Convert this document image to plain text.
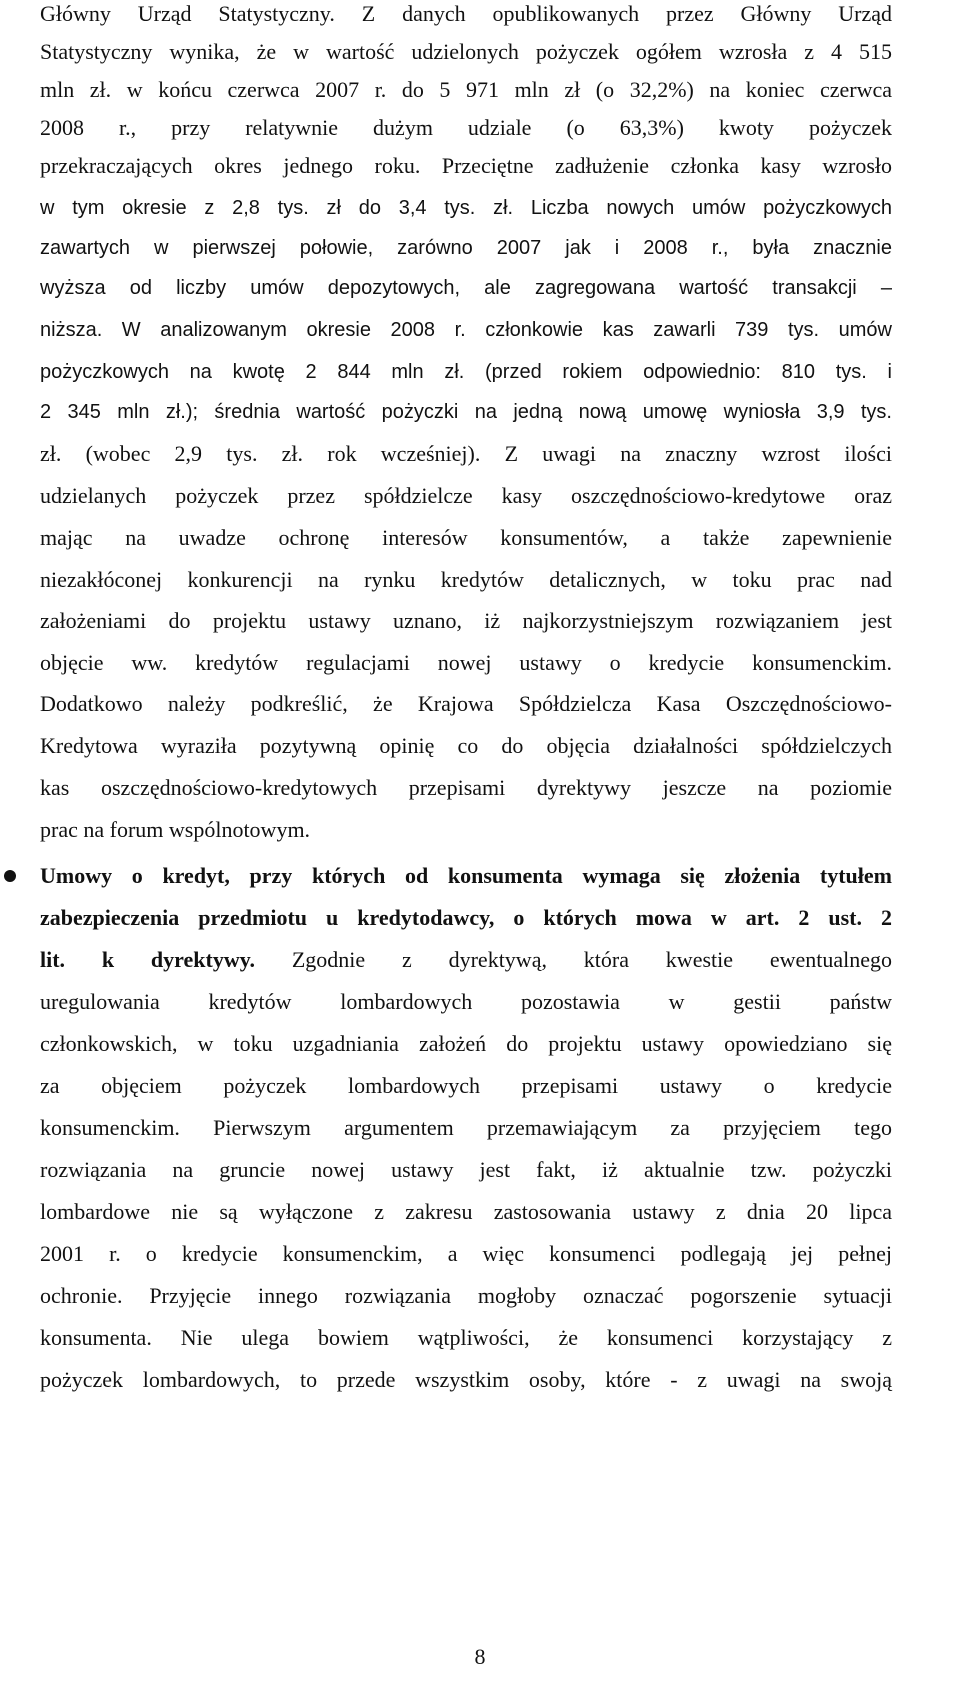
Główny Urząd Statystyczny. Z danych opublikowanych przez Główny Urząd
Statystyczny wynika, że w wartość udzielonych pożyczek ogółem wzrosła z 4 515
mln zł. w końcu czerwca 2007 r. do 5 971 mln zł (o 32,2%) na koniec czerwca
2008 r., przy relatywnie dużym udziale (o 63,3%) kwoty pożyczek
przekraczających okres jednego roku. Przeciętne zadłużenie członka kasy wzrosło
w tym okresie z 2,8 tys. zł do 3,4 tys. zł. Liczba nowych umów pożyczkowych
zawartych w pierwszej połowie, zarówno 2007 jak i 2008 r., była znacznie
wyższa od liczby umów depozytowych, ale zagregowana wartość transakcji –
niższa. W analizowanym okresie 2008 r. członkowie kas zawarli 739 tys. umów
pożyczkowych na kwotę 2 844 mln zł. (przed rokiem odpowiednio: 810 tys. i
2 345 mln zł.); średnia wartość pożyczki na jedną nową umowę wyniosła 3,9 tys.
zł. (wobec 2,9 tys. zł. rok wcześniej). Z uwagi na znaczny wzrost ilości
udzielanych pożyczek przez spółdzielcze kasy oszczędnościowo-kredytowe oraz
mając na uwadze ochronę interesów konsumentów, a także zapewnienie
niezakłóconej konkurencji na rynku kredytów detalicznych, w toku prac nad
założeniami do projektu ustawy uznano, iż najkorzystniejszym rozwiązaniem jest
objęcie ww. kredytów regulacjami nowej ustawy o kredycie konsumenckim.
Dodatkowo należy podkreślić, że Krajowa Spółdzielcza Kasa Oszczędnościowo-
Kredytowa wyraziła pozytywną opinię co do objęcia działalności spółdzielczych
kas oszczędnościowo-kredytowych przepisami dyrektywy jeszcze na poziomie
prac na forum wspólnotowym.
Umowy o kredyt, przy których od konsumenta wymaga się złożenia tytułem
zabezpieczenia przedmiotu u kredytodawcy, o których mowa w art. 2 ust. 2
lit. k dyrektywy. Zgodnie z dyrektywą, która kwestie ewentualnego
uregulowania kredytów lombardowych pozostawia w gestii państw
członkowskich, w toku uzgadniania założeń do projektu ustawy opowiedziano się
za objęciem pożyczek lombardowych przepisami ustawy o kredycie
konsumenckim. Pierwszym argumentem przemawiającym za przyjęciem tego
rozwiązania na gruncie nowej ustawy jest fakt, iż aktualnie tzw. pożyczki
lombardowe nie są wyłączone z zakresu zastosowania ustawy z dnia 20 lipca
2001 r. o kredycie konsumenckim, a więc konsumenci podlegają jej pełnej
ochronie. Przyjęcie innego rozwiązania mogłoby oznaczać pogorszenie sytuacji
konsumenta. Nie ulega bowiem wątpliwości, że konsumenci korzystający z
pożyczek lombardowych, to przede wszystkim osoby, które - z uwagi na swoją
8
